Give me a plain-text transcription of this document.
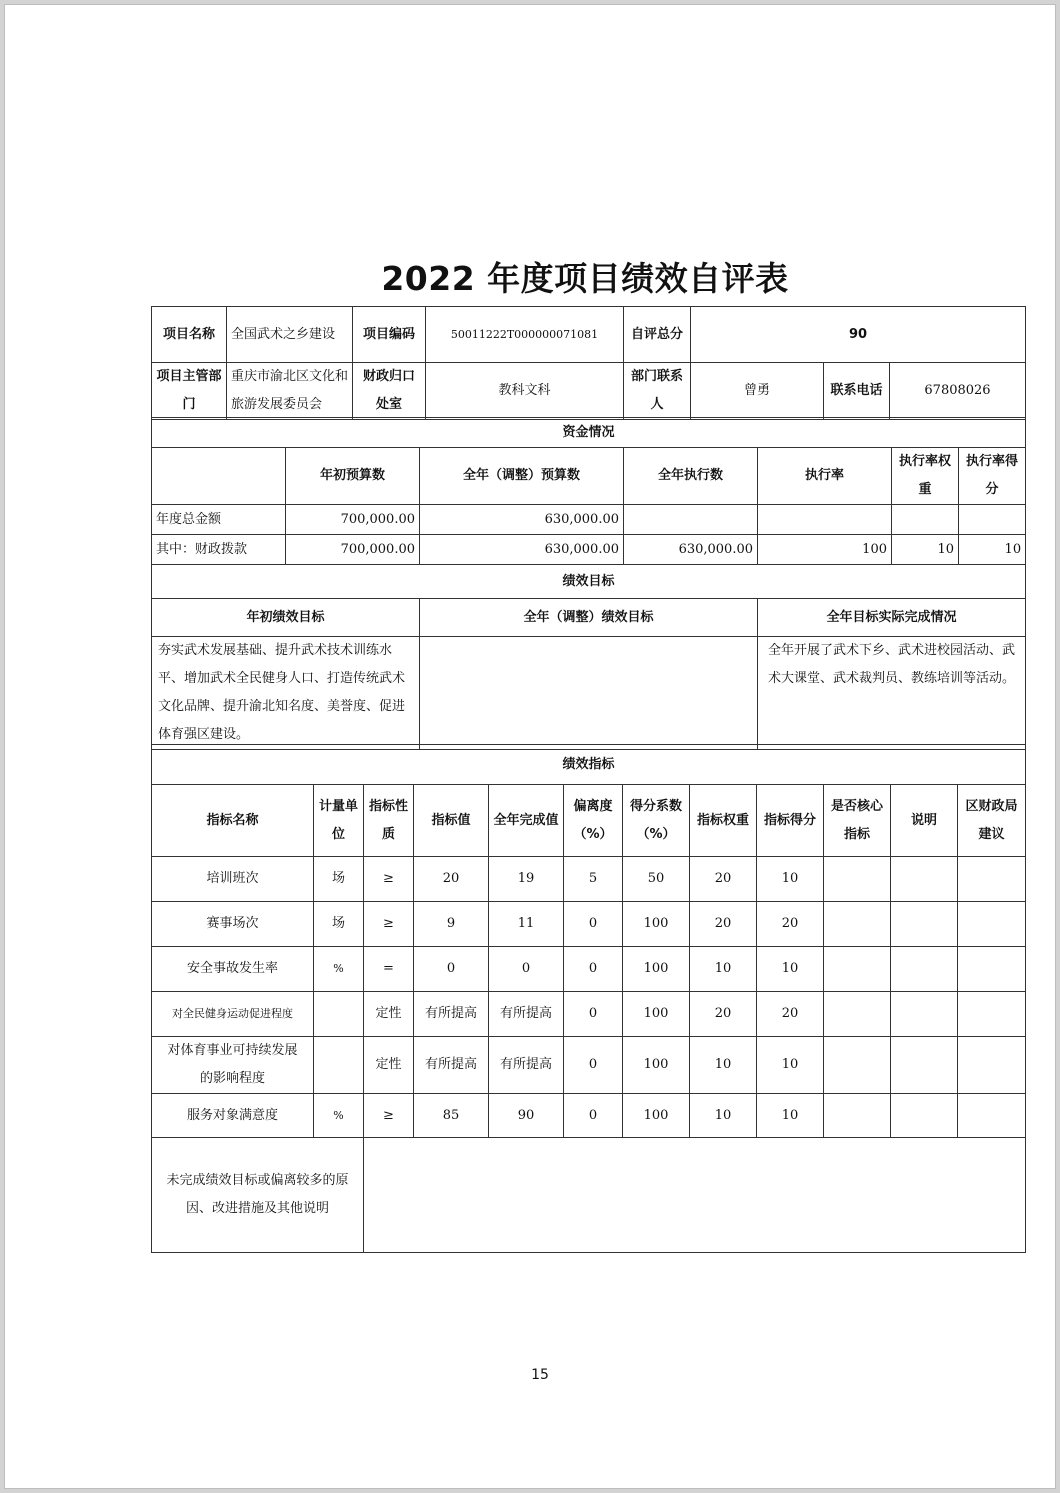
2022 年度项目绩效自评表
项目名称	全国武术之乡建设	项目编码	50011222T000000071081	自评总分	90		
项目主管部门	重庆市渝北区文化和旅游发展委员会	财政归口处室	教科文科	部门联系人	曾勇	联系电话	67808026
资金情况						
	年初预算数	全年（调整）预算数	全年执行数	执行率	执行率权重	执行率得分
年度总金额	700,000.00	630,000.00				
其中：财政拨款	700,000.00	630,000.00	630,000.00	100	10	10
绩效目标						
年初绩效目标		全年（调整）绩效目标		全年目标实际完成情况		
夯实武术发展基础、提升武术技术训练水平、增加武术全民健身人口、打造传统武术文化品牌、提升渝北知名度、美誉度、促进体育强区建设。				全年开展了武术下乡、武术进校园活动、武术大课堂、武术裁判员、教练培训等活动。		
绩效指标											
指标名称	计量单位	指标性质	指标值	全年完成值	偏离度（%）	得分系数（%）	指标权重	指标得分	是否核心指标	说明	区财政局建议
培训班次	场	≥	20	19	5	50	20	10			
赛事场次	场	≥	9	11	0	100	20	20			
安全事故发生率	%	=	0	0	0	100	10	10			
对全民健身运动促进程度		定性	有所提高	有所提高	0	100	20	20			
对体育事业可持续发展的影响程度		定性	有所提高	有所提高	0	100	10	10			
服务对象满意度	%	≥	85	90	0	100	10	10			
未完成绩效目标或偏离较多的原因、改进措施及其他说明											
15
